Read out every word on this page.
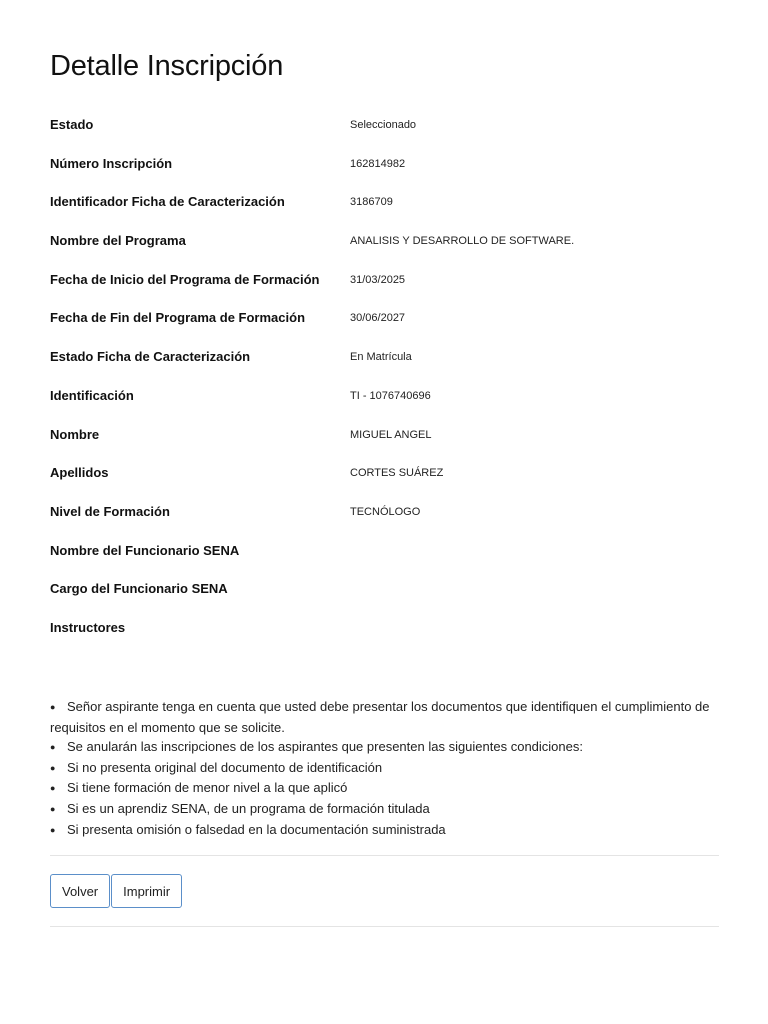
Detalle Inscripción
Estado	Seleccionado
Número Inscripción	162814982
Identificador Ficha de Caracterización	3186709
Nombre del Programa	ANALISIS Y DESARROLLO DE SOFTWARE.
Fecha de Inicio del Programa de Formación	31/03/2025
Fecha de Fin del Programa de Formación	30/06/2027
Estado Ficha de Caracterización	En Matrícula
Identificación	TI - 1076740696
Nombre	MIGUEL ANGEL
Apellidos	CORTES SUÁREZ
Nivel de Formación	TECNÓLOGO
Nombre del Funcionario SENA
Cargo del Funcionario SENA
Instructores
● Señor aspirante tenga en cuenta que usted debe presentar los documentos que identifiquen el cumplimiento de requisitos en el momento que se solicite.
● Se anularán las inscripciones de los aspirantes que presenten las siguientes condiciones:
● Si no presenta original del documento de identificación
● Si tiene formación de menor nivel a la que aplicó
● Si es un aprendiz SENA, de un programa de formación titulada
● Si presenta omisión o falsedad en la documentación suministrada
Volver	Imprimir
